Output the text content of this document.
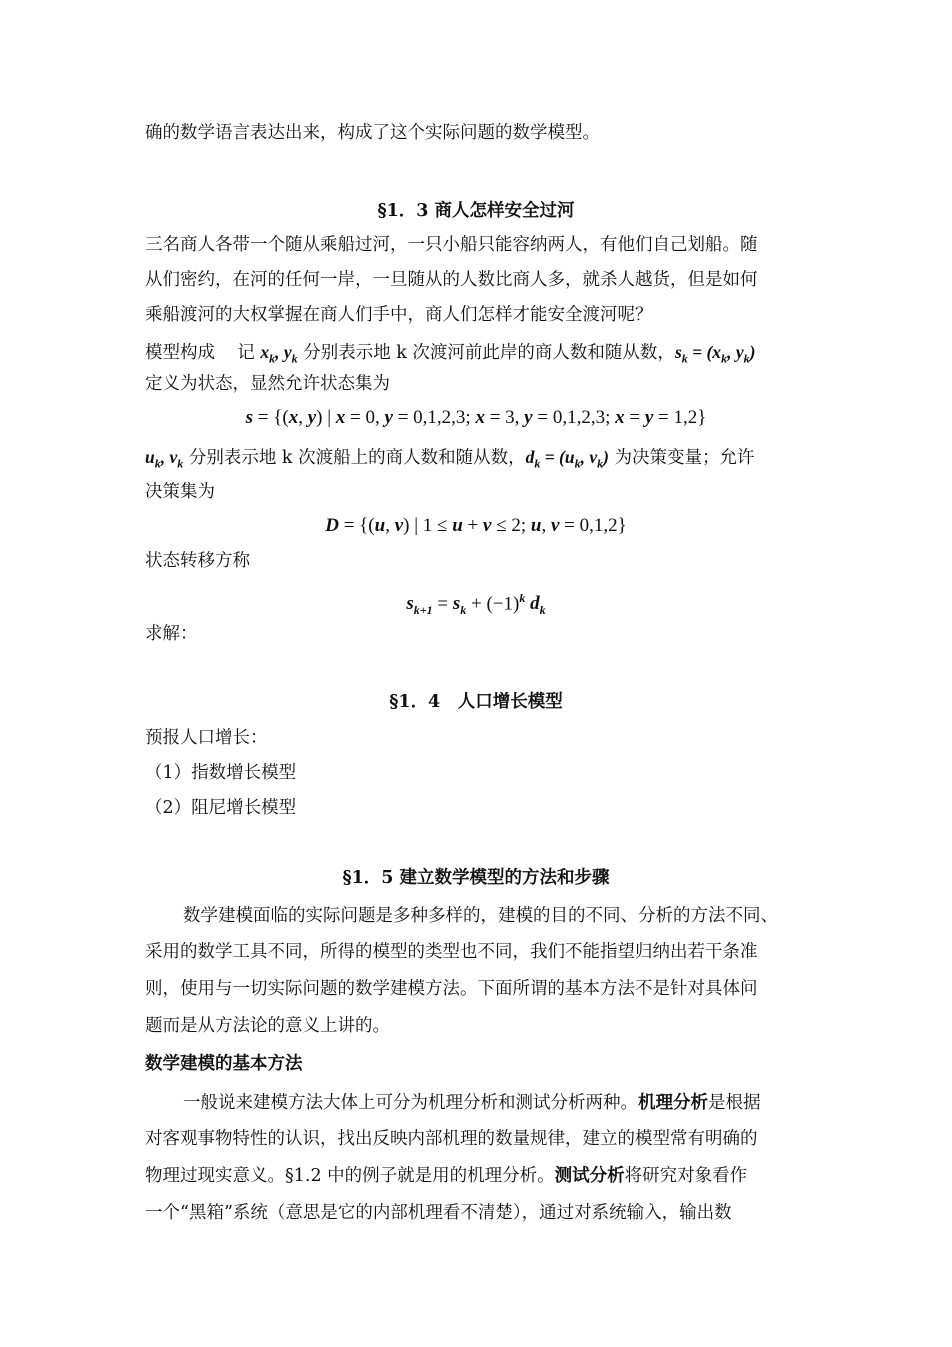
确的数学语言表达出来，构成了这个实际问题的数学模型。
§1．3 商人怎样安全过河
三名商人各带一个随从乘船过河，一只小船只能容纳两人，有他们自己划船。随
从们密约，在河的任何一岸，一旦随从的人数比商人多，就杀人越货，但是如何
乘船渡河的大权掌握在商人们手中，商人们怎样才能安全渡河呢？
模型构成 记 $x_k$, $y_k$ 分别表示地 k 次渡河前此岸的商人数和随从数，$s_k = (x_k$, $y_k$)
定义为状态，显然允许状态集为
s = {(x, y) | x = 0, y = 0,1,2,3; x = 3, y = 0,1,2,3; x = y = 1,2}
$u_k$, $v_k$ 分别表示地 k 次渡船上的商人数和随从数，$d_k = (u_k$, $v_k$) 为决策变量；允许
决策集为
D = {(u, v) | 1 ≤ u + v ≤ 2; u, v = 0,1,2}
状态转移方称
$s_{k+1} = s_k + (-1)^k$ $d_k$
求解：
§1．4　人口增长模型
预报人口增长：
（1）指数增长模型
（2）阻尼增长模型
§1．5 建立数学模型的方法和步骤
数学建模面临的实际问题是多种多样的，建模的目的不同、分析的方法不同、
采用的数学工具不同，所得的模型的类型也不同，我们不能指望归纳出若干条准
则，使用与一切实际问题的数学建模方法。下面所谓的基本方法不是针对具体问
题而是从方法论的意义上讲的。
数学建模的基本方法
一般说来建模方法大体上可分为机理分析和测试分析两种。机理分析是根据
对客观事物特性的认识，找出反映内部机理的数量规律，建立的模型常有明确的
物理过现实意义。§1.2 中的例子就是用的机理分析。测试分析将研究对象看作
一个“黑箱”系统（意思是它的内部机理看不清楚），通过对系统输入，输出数
